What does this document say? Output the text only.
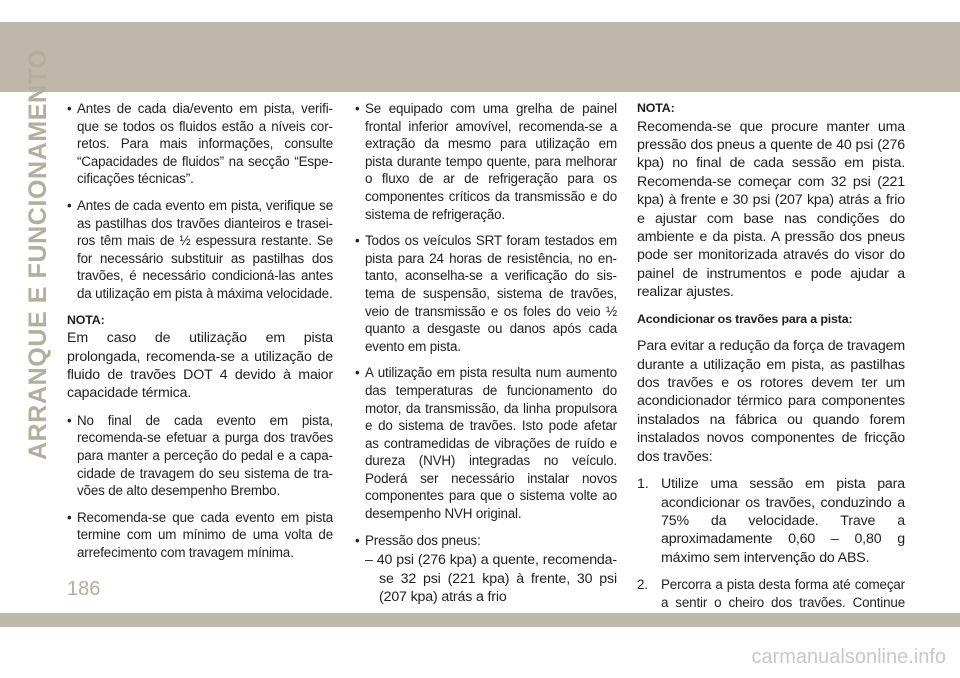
ARRANQUE E FUNCIONAMENTO • Antes de cada dia/evento em pista, verifique se todos os fluidos estão a níveis corretos. Para mais informações, consulte “Capacidades de fluidos” na secção “Especificações técnicas”.

• Antes de cada evento em pista, verifique se as pastilhas dos travões dianteiros e traseiros têm mais de ½ espessura restante. Se for necessário substituir as pastilhas dos travões, é necessário condicioná-las antes da utilização em pista à máxima velocidade.

NOTA:

Em caso de utilização em pista prolongada, recomenda-se a utilização de fluido de travões DOT 4 devido à maior capacidade térmica.

• No final de cada evento em pista, recomenda-se efetuar a purga dos travões para manter a perceção do pedal e a capacidade de travagem do seu sistema de travões de alto desempenho Brembo.

• Recomenda-se que cada evento em pista termine com um mínimo de uma volta de arrefecimento com travagem mínima.

• Se equipado com uma grelha de painel frontal inferior amovível, recomenda-se a extração da mesmo para utilização em pista durante tempo quente, para melhorar o fluxo de ar de refrigeração para os componentes críticos da transmissão e do sistema de refrigeração.

• Todos os veículos SRT foram testados em pista para 24 horas de resistência, no entanto, aconselha-se a verificação do sistema de suspensão, sistema de travões, veio de transmissão e os foles do veio ½ quanto a desgaste ou danos após cada evento em pista.

• A utilização em pista resulta num aumento das temperaturas de funcionamento do motor, da transmissão, da linha propulsora e do sistema de travões. Isto pode afetar as contramedidas de vibrações de ruído e dureza (NVH) integradas no veículo. Poderá ser necessário instalar novos componentes para que o sistema volte ao desempenho NVH original.

• Pressão dos pneus:

– 40 psi (276 kpa) a quente, recomenda-se 32 psi (221 kpa) à frente, 30 psi (207 kpa) atrás a frio

NOTA:

Recomenda-se que procure manter uma pressão dos pneus a quente de 40 psi (276 kpa) no final de cada sessão em pista. Recomenda-se começar com 32 psi (221 kpa) à frente e 30 psi (207 kpa) atrás a frio e ajustar com base nas condições do ambiente e da pista. A pressão dos pneus pode ser monitorizada através do visor do painel de instrumentos e pode ajudar a realizar ajustes.

Acondicionar os travões para a pista:

Para evitar a redução da força de travagem durante a utilização em pista, as pastilhas dos travões e os rotores devem ter um acondicionador térmico para componentes instalados na fábrica ou quando forem instalados novos componentes de fricção dos travões:

1. Utilize uma sessão em pista para acondicionar os travões, conduzindo a 75% da velocidade. Trave a aproximadamente 0,60 – 0,80 g máximo sem intervenção do ABS.

2. Percorra a pista desta forma até começar a sentir o cheiro dos travões. Continue

186
carmanualsonline.info
